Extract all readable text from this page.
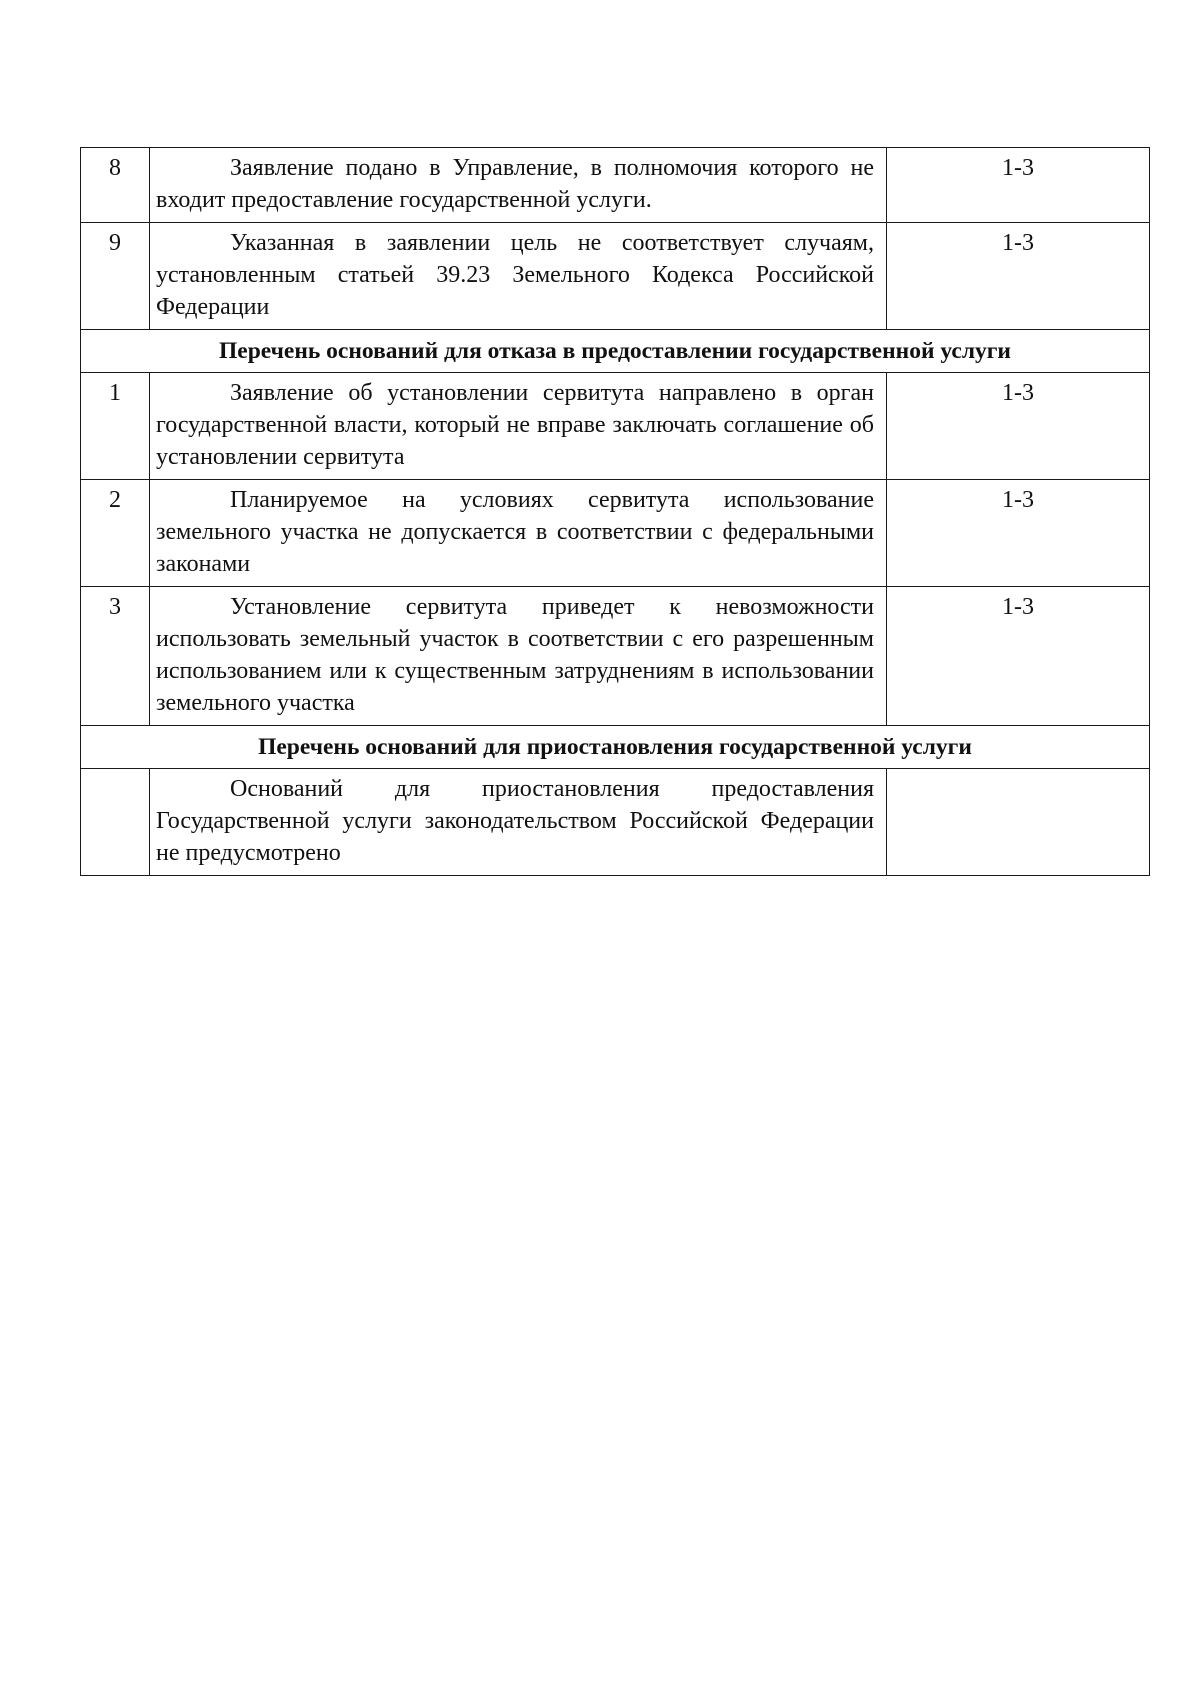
8	Заявление подано в Управление, в полномочия которого не входит предоставление государственной услуги.	1-3
9	Указанная в заявлении цель не соответствует случаям, установленным статьей 39.23 Земельного Кодекса Российской Федерации	1-3
Перечень оснований для отказа в предоставлении государственной услуги		
1	Заявление об установлении сервитута направлено в орган государственной власти, который не вправе заключать соглашение об установлении сервитута	1-3
2	Планируемое на условиях сервитута использование земельного участка не допускается в соответствии с федеральными законами	1-3
3	Установление сервитута приведет к невозможности использовать земельный участок в соответствии с его разрешенным использованием или к существенным затруднениям в использовании земельного участка	1-3
Перечень оснований для приостановления государственной услуги		
	Оснований для приостановления предоставления Государственной услуги законодательством Российской Федерации не предусмотрено	
